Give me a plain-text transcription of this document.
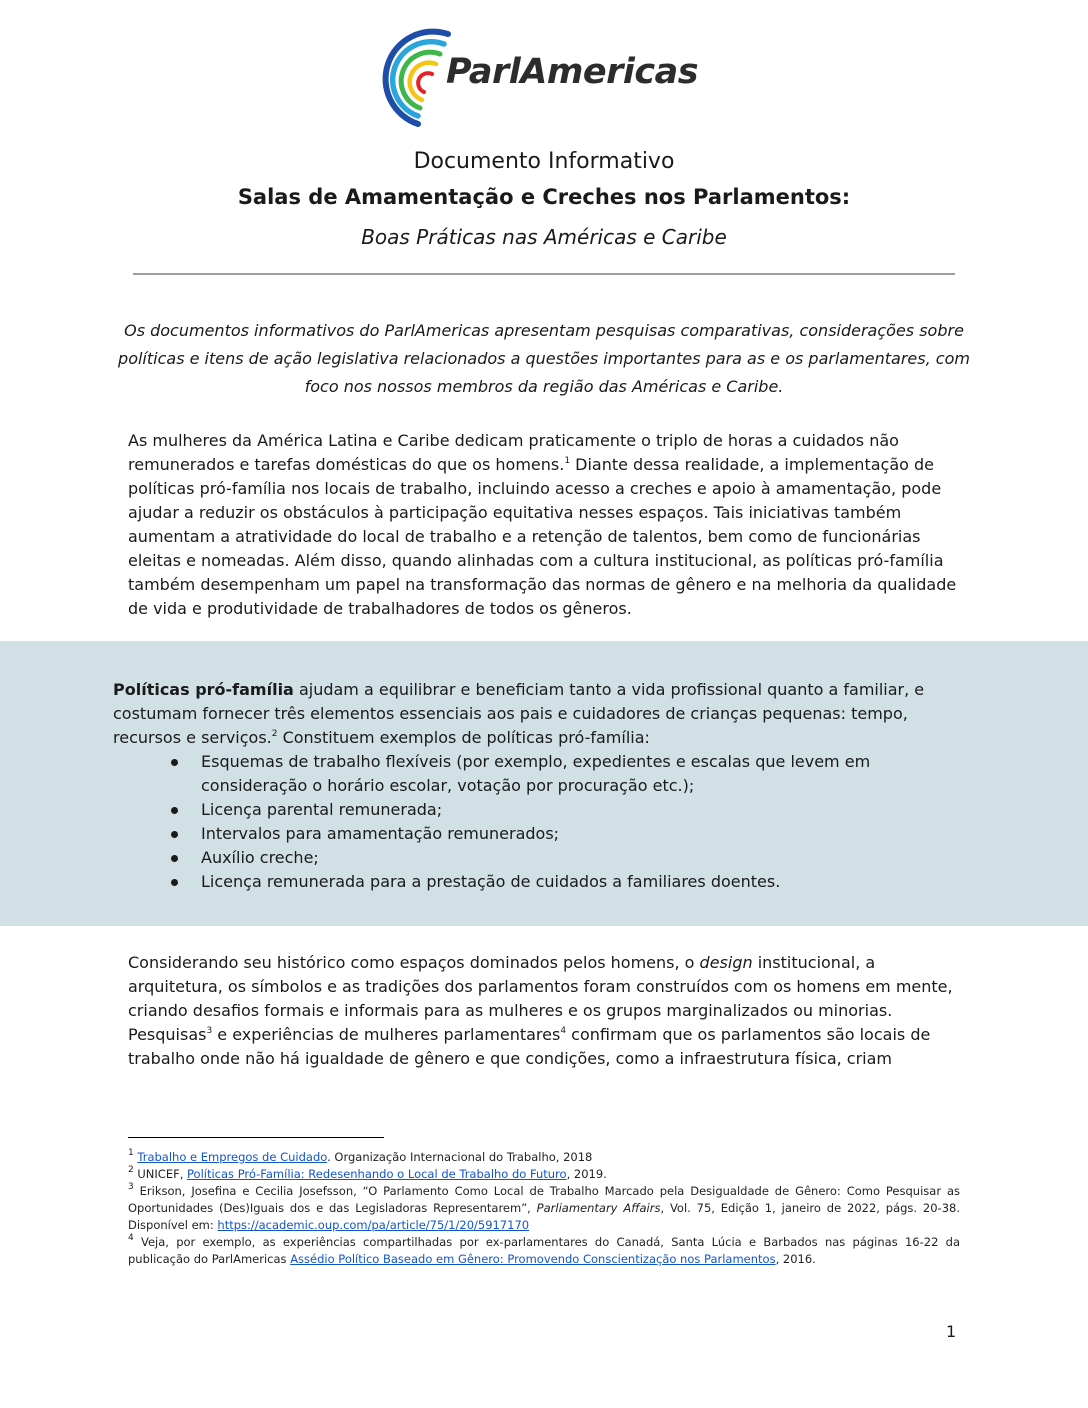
ParlAmericas
Documento Informativo
Salas de Amamentação e Creches nos Parlamentos:
Boas Práticas nas Américas e Caribe
Os documentos informativos do ParlAmericas apresentam pesquisas comparativas, considerações sobre políticas e itens de ação legislativa relacionados a questões importantes para as e os parlamentares, com foco nos nossos membros da região das Américas e Caribe.
As mulheres da América Latina e Caribe dedicam praticamente o triplo de horas a cuidados não remunerados e tarefas domésticas do que os homens.$^1$ Diante dessa realidade, a implementação de políticas pró-família nos locais de trabalho, incluindo acesso a creches e apoio à amamentação, pode ajudar a reduzir os obstáculos à participação equitativa nesses espaços. Tais iniciativas também aumentam a atratividade do local de trabalho e a retenção de talentos, bem como de funcionárias eleitas e nomeadas. Além disso, quando alinhadas com a cultura institucional, as políticas pró-família também desempenham um papel na transformação das normas de gênero e na melhoria da qualidade de vida e produtividade de trabalhadores de todos os gêneros.
Políticas pró-família ajudam a equilibrar e beneficiam tanto a vida profissional quanto a familiar, e costumam fornecer três elementos essenciais aos pais e cuidadores de crianças pequenas: tempo, recursos e serviços.$^2$ Constituem exemplos de políticas pró-família:
Esquemas de trabalho flexíveis (por exemplo, expedientes e escalas que levem em consideração o horário escolar, votação por procuração etc.);
Licença parental remunerada;
Intervalos para amamentação remunerados;
Auxílio creche;
Licença remunerada para a prestação de cuidados a familiares doentes.
Considerando seu histórico como espaços dominados pelos homens, o design institucional, a arquitetura, os símbolos e as tradições dos parlamentos foram construídos com os homens em mente, criando desafios formais e informais para as mulheres e os grupos marginalizados ou minorias. Pesquisas$^3$ e experiências de mulheres parlamentares$^4$ confirmam que os parlamentos são locais de trabalho onde não há igualdade de gênero e que condições, como a infraestrutura física, criam
$^1$ Trabalho e Empregos de Cuidado. Organização Internacional do Trabalho, 2018
$^2$ UNICEF, Políticas Pró-Família: Redesenhando o Local de Trabalho do Futuro, 2019.
$^3$ Erikson, Josefina e Cecilia Josefsson, “O Parlamento Como Local de Trabalho Marcado pela Desigualdade de Gênero: Como Pesquisar as Oportunidades (Des)Iguais dos e das Legisladoras Representarem”, Parliamentary Affairs, Vol. 75, Edição 1, janeiro de 2022, págs. 20-38. Disponível em: https://academic.oup.com/pa/article/75/1/20/5917170
$^4$ Veja, por exemplo, as experiências compartilhadas por ex-parlamentares do Canadá, Santa Lúcia e Barbados nas páginas 16-22 da publicação do ParlAmericas Assédio Político Baseado em Gênero: Promovendo Conscientização nos Parlamentos, 2016.
1
